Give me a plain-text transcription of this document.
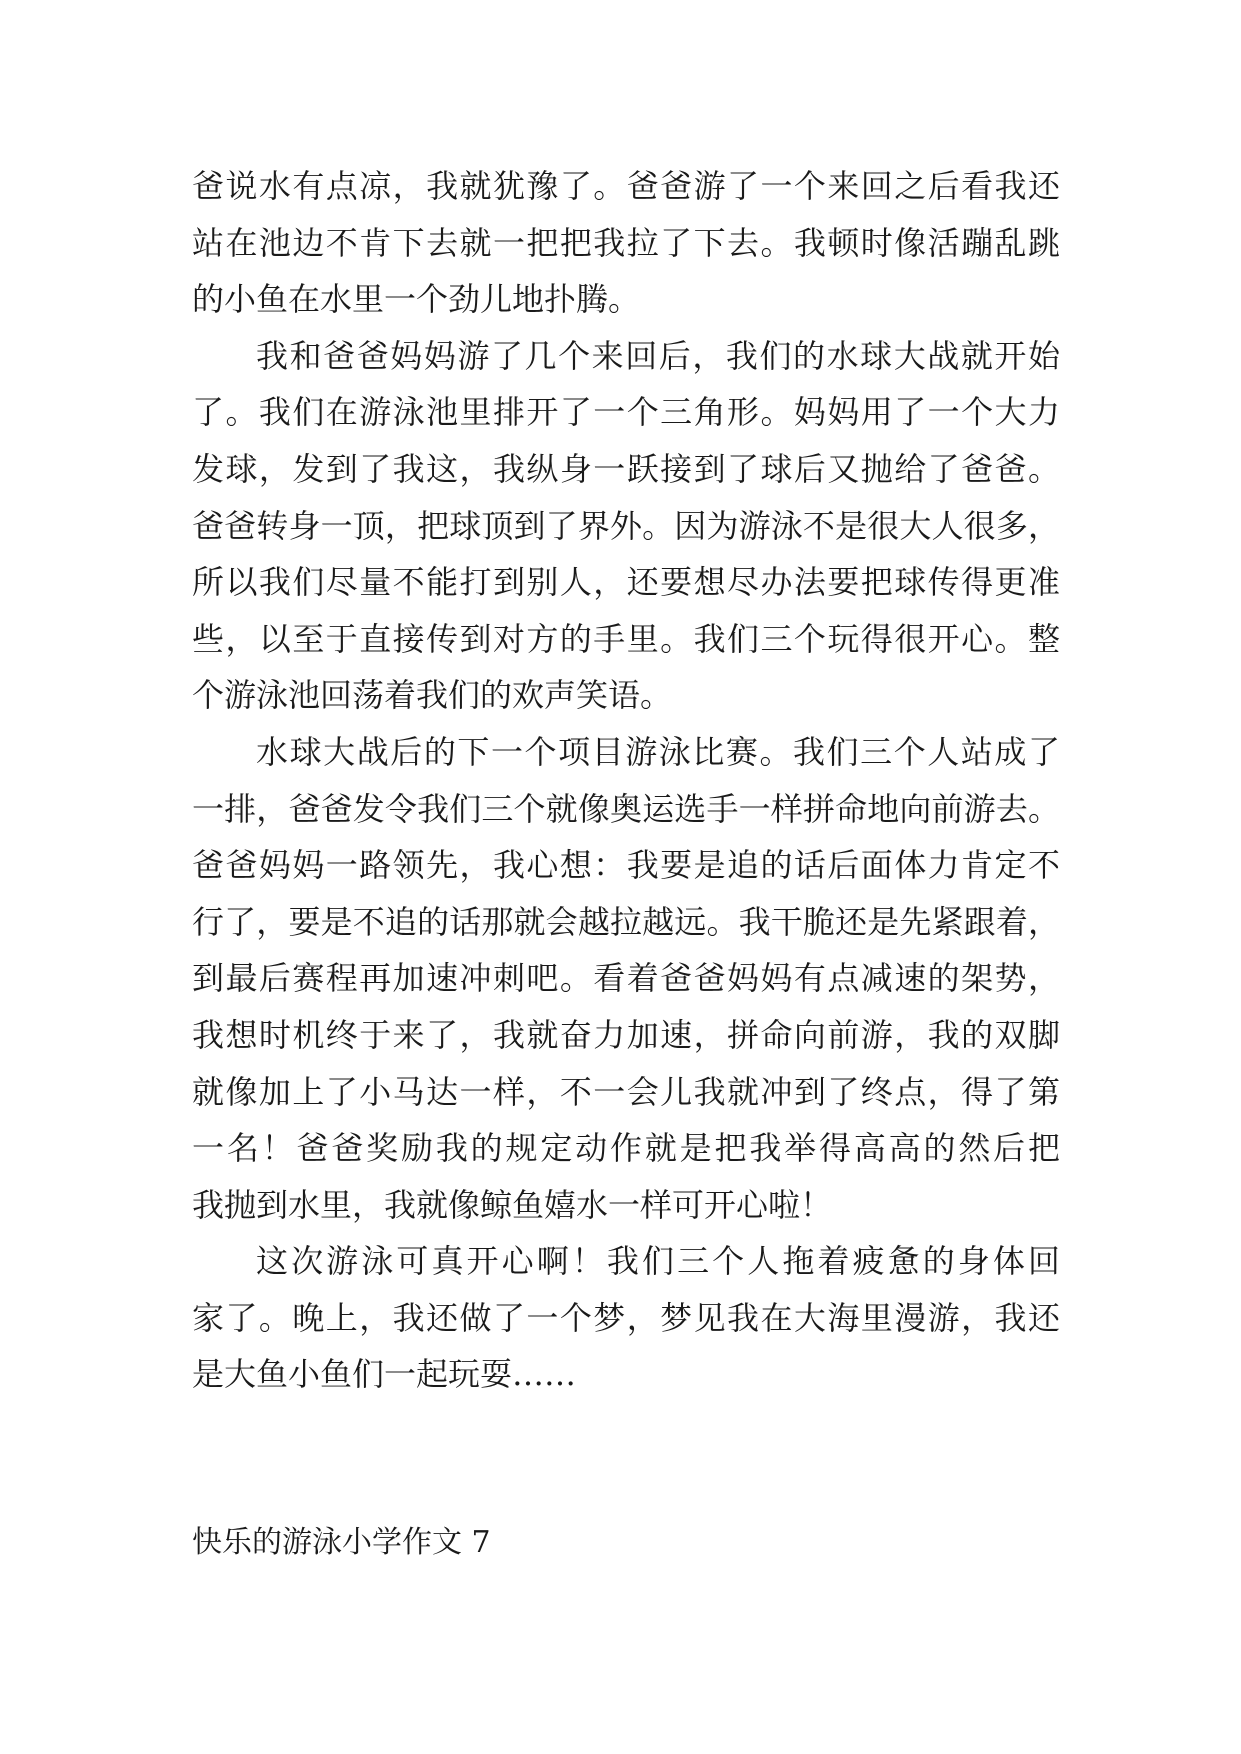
爸说水有点凉，我就犹豫了。爸爸游了一个来回之后看我还
站在池边不肯下去就一把把我拉了下去。我顿时像活蹦乱跳
的小鱼在水里一个劲儿地扑腾。
我和爸爸妈妈游了几个来回后，我们的水球大战就开始
了。我们在游泳池里排开了一个三角形。妈妈用了一个大力
发球，发到了我这，我纵身一跃接到了球后又抛给了爸爸。
爸爸转身一顶，把球顶到了界外。因为游泳不是很大人很多，
所以我们尽量不能打到别人，还要想尽办法要把球传得更准
些，以至于直接传到对方的手里。我们三个玩得很开心。整
个游泳池回荡着我们的欢声笑语。
水球大战后的下一个项目游泳比赛。我们三个人站成了
一排，爸爸发令我们三个就像奥运选手一样拼命地向前游去。
爸爸妈妈一路领先，我心想：我要是追的话后面体力肯定不
行了，要是不追的话那就会越拉越远。我干脆还是先紧跟着，
到最后赛程再加速冲刺吧。看着爸爸妈妈有点减速的架势，
我想时机终于来了，我就奋力加速，拼命向前游，我的双脚
就像加上了小马达一样，不一会儿我就冲到了终点，得了第
一名！爸爸奖励我的规定动作就是把我举得高高的然后把
我抛到水里，我就像鲸鱼嬉水一样可开心啦！
这次游泳可真开心啊！我们三个人拖着疲惫的身体回
家了。晚上，我还做了一个梦，梦见我在大海里漫游，我还
是大鱼小鱼们一起玩耍……
快乐的游泳小学作文 7
